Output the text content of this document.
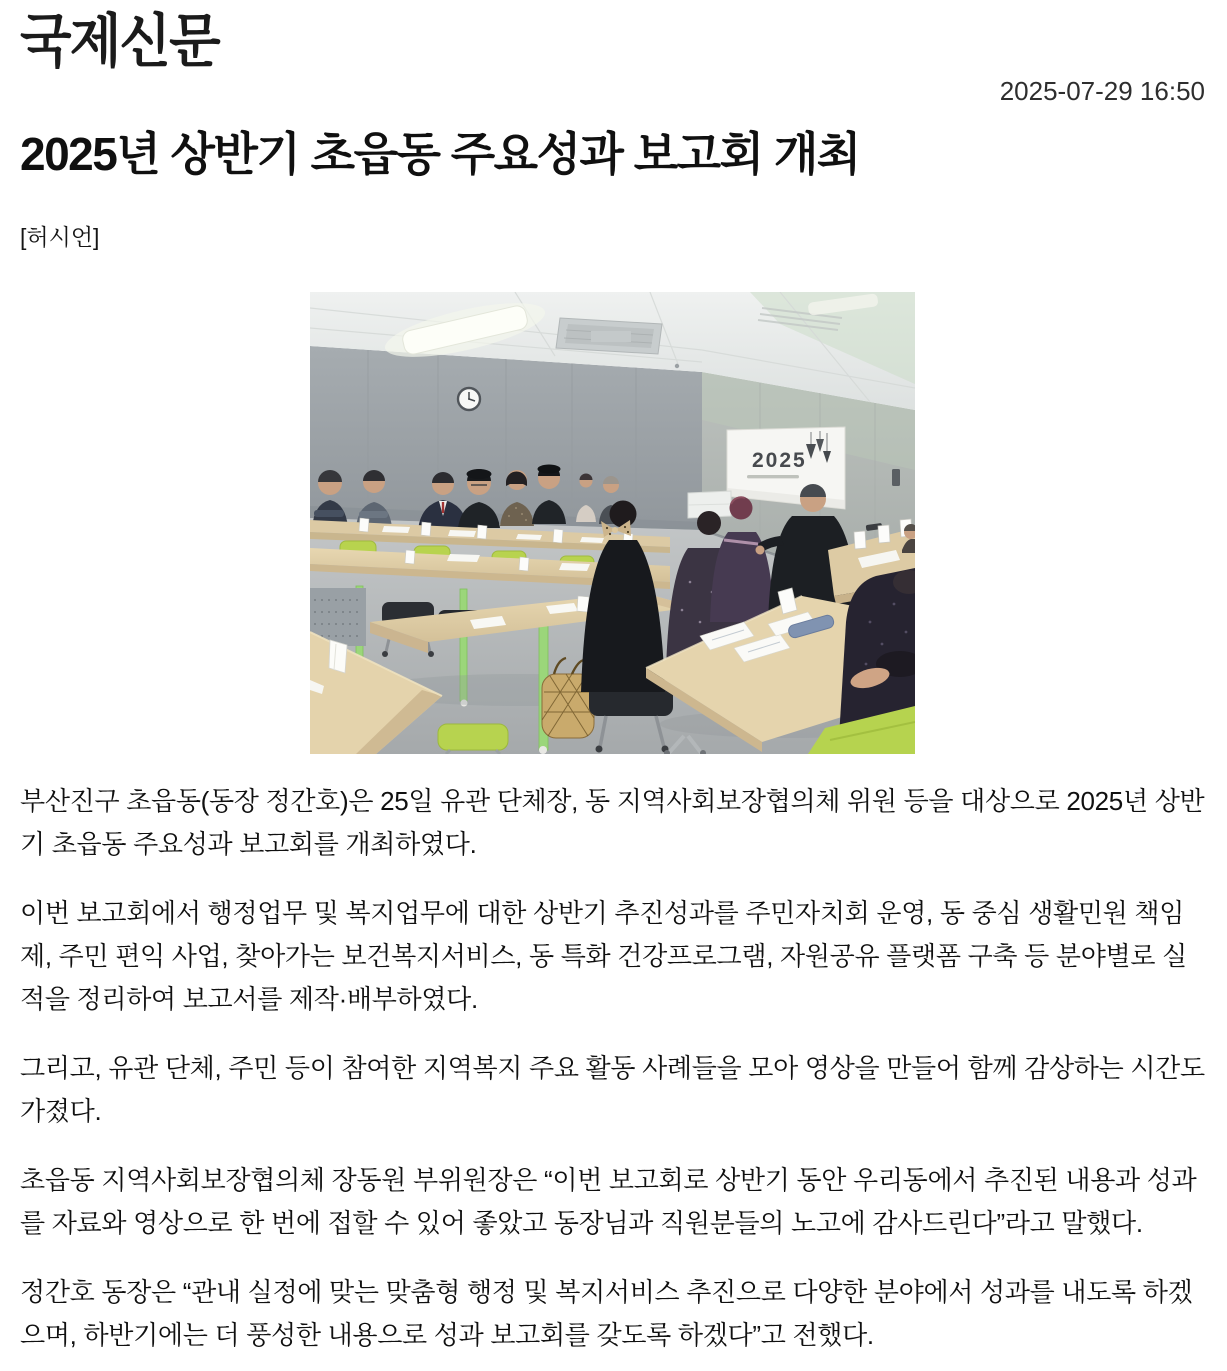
국제신문
2025-07-29 16:50
2025년 상반기 초읍동 주요성과 보고회 개최
[허시언]
2025

부산진구 초읍동(동장 정간호)은 25일 유관 단체장, 동 지역사회보장협의체 위원 등을 대상으로 2025년 상반기 초읍동 주요성과 보고회를 개최하였다.

이번 보고회에서 행정업무 및 복지업무에 대한 상반기 추진성과를 주민자치회 운영, 동 중심 생활민원 책임제, 주민 편익 사업, 찾아가는 보건복지서비스, 동 특화 건강프로그램, 자원공유 플랫폼 구축 등 분야별로 실적을 정리하여 보고서를 제작·배부하였다.

그리고, 유관 단체, 주민 등이 참여한 지역복지 주요 활동 사례들을 모아 영상을 만들어 함께 감상하는 시간도 가졌다.

초읍동 지역사회보장협의체 장동원 부위원장은 “이번 보고회로 상반기 동안 우리동에서 추진된 내용과 성과를 자료와 영상으로 한 번에 접할 수 있어 좋았고 동장님과 직원분들의 노고에 감사드린다”라고 말했다.

정간호 동장은 “관내 실정에 맞는 맞춤형 행정 및 복지서비스 추진으로 다양한 분야에서 성과를 내도록 하겠으며, 하반기에는 더 풍성한 내용으로 성과 보고회를 갖도록 하겠다”고 전했다.
